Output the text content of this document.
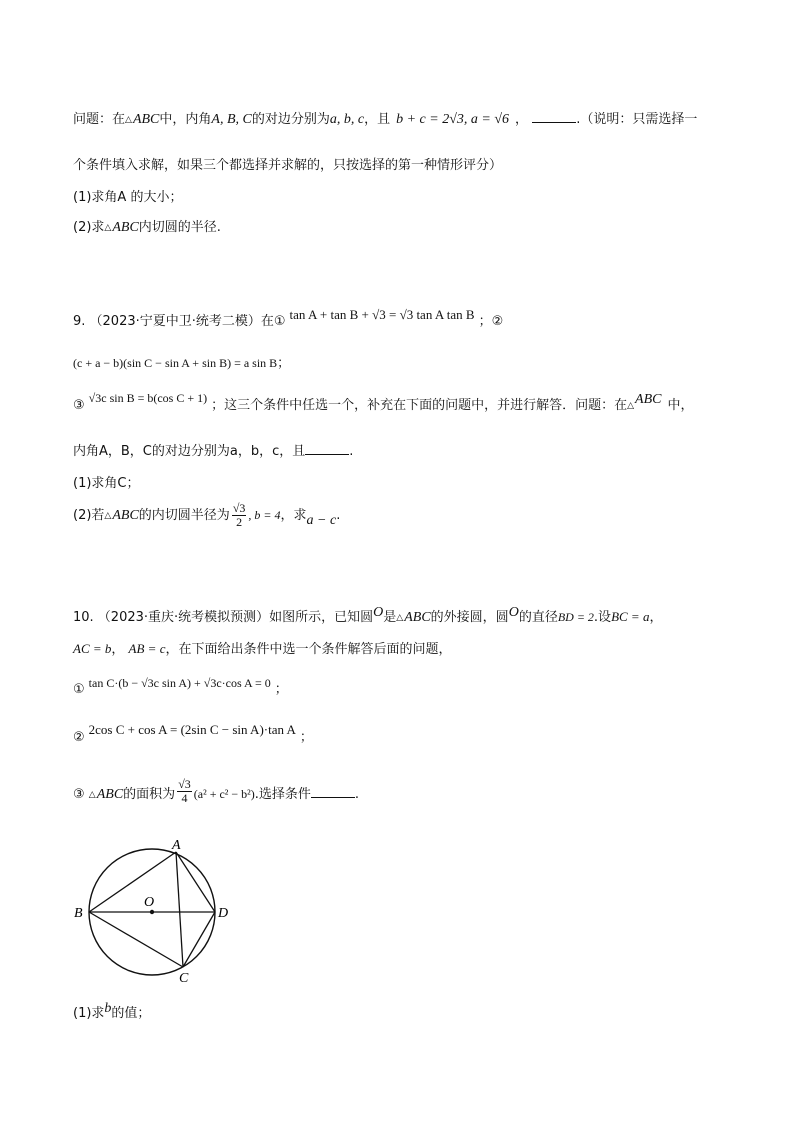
问题：在△ABC中，内角A, B, C的对边分别为a, b, c，且 b + c = 2√3, a = √6 ，	.（说明：只需选择一
个条件填入求解，如果三个都选择并求解的，只按选择的第一种情形评分）
(1)求角A 的大小；
(2)求△ABC内切圆的半径.
9. （2023·宁夏中卫·统考二模）在① tan A + tan B + √3 = √3 tan A tan B ；②
(c + a − b)(sin C − sin A + sin B) = a sin B；
③ √3c sin B = b(cos C + 1) ；这三个条件中任选一个，补充在下面的问题中，并进行解答．问题：在△ABC 中，
内角A，B，C的对边分别为a，b，c，且	.
(1)求角C；
(2)若△ABC的内切圆半径为 $\frac{√3}{2}$ , b = 4，求a − c.
10. （2023·重庆·统考模拟预测）如图所示，已知圆O是△ABC的外接圆，圆O的直径BD = 2.设BC = a，
AC = b， AB = c，在下面给出条件中选一个条件解答后面的问题，
① tan C·(b − √3c sin A) + √3c·cos A = 0 ；
②2cos C + cos A = (2sin C − sin A)·tan A；
③ △ABC的面积为 $\frac{√3}{4} (a^2 + c^2 - b^2)$.选择条件	.
A
B
C
D
O
(1)求b的值；
